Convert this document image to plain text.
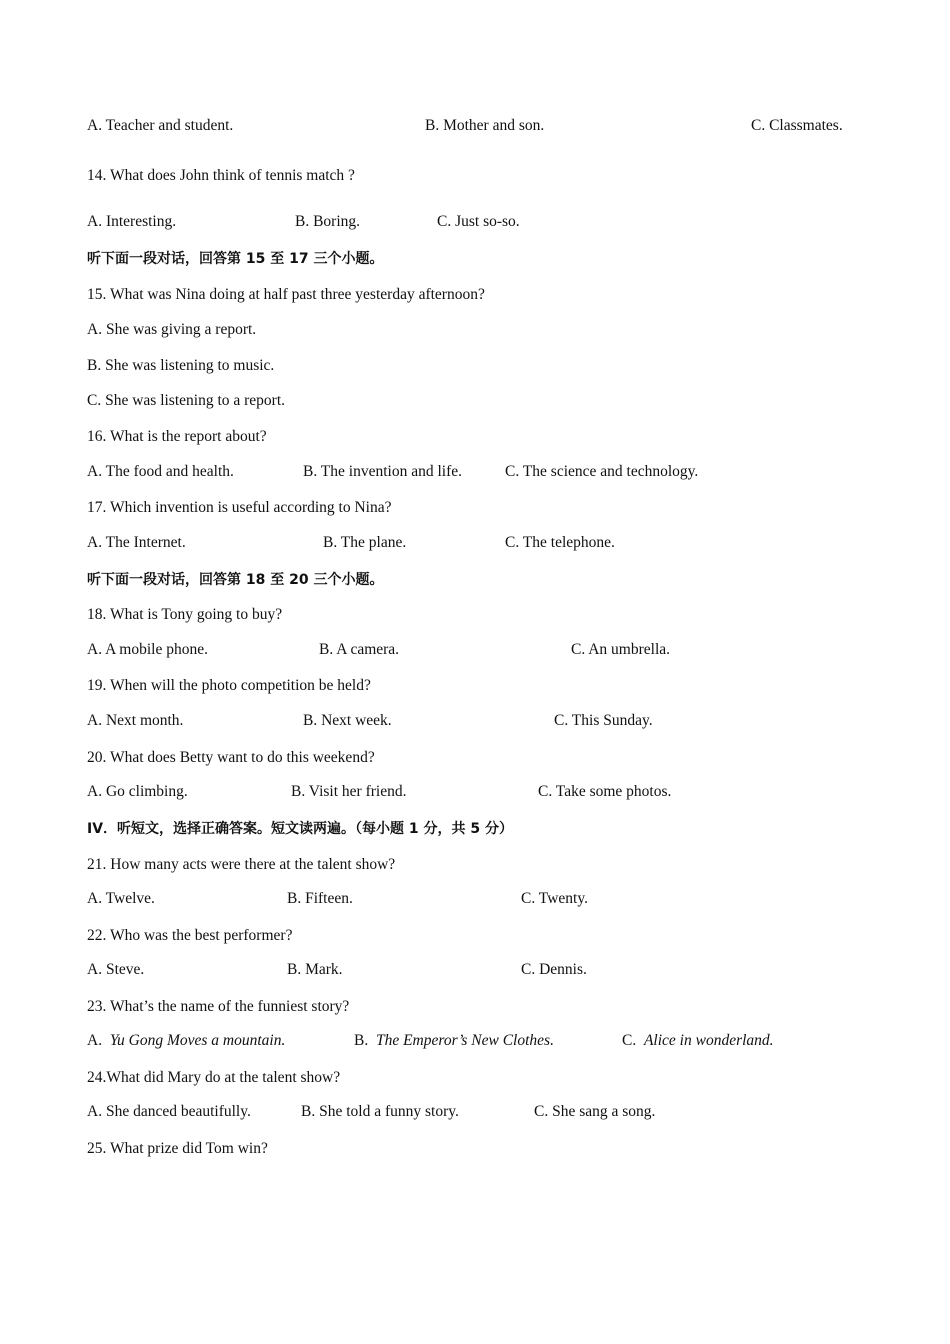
A. Teacher and student.	B. Mother and son.	C. Classmates.
14. What does John think of tennis match ?
A. Interesting.	B. Boring.	C. Just so-so.
听下面一段对话，回答第 15 至 17 三个小题。
15. What was Nina doing at half past three yesterday afternoon?
A. She was giving a report.
B. She was listening to music.
C. She was listening to a report.
16. What is the report about?
A. The food and health.	B. The invention and life.	C. The science and technology.
17. Which invention is useful according to Nina?
A. The Internet.	B. The plane.	C. The telephone.
听下面一段对话，回答第 18 至 20 三个小题。
18. What is Tony going to buy?
A. A mobile phone.	B. A camera.	C. An umbrella.
19. When will the photo competition be held?
A. Next month.	B. Next week.	C. This Sunday.
20. What does Betty want to do this weekend?
A. Go climbing.	B. Visit her friend.	C. Take some photos.
IV．听短文，选择正确答案。短文读两遍。（每小题 1 分，共 5 分）
21. How many acts were there at the talent show?
A. Twelve.	B. Fifteen.	C. Twenty.
22. Who was the best performer?
A. Steve.	B. Mark.	C. Dennis.
23. What’s the name of the funniest story?
A. Yu Gong Moves a mountain.	B. The Emperor’s New Clothes.	C. Alice in wonderland.
24.What did Mary do at the talent show?
A. She danced beautifully.	B. She told a funny story.	C. She sang a song.
25. What prize did Tom win?
